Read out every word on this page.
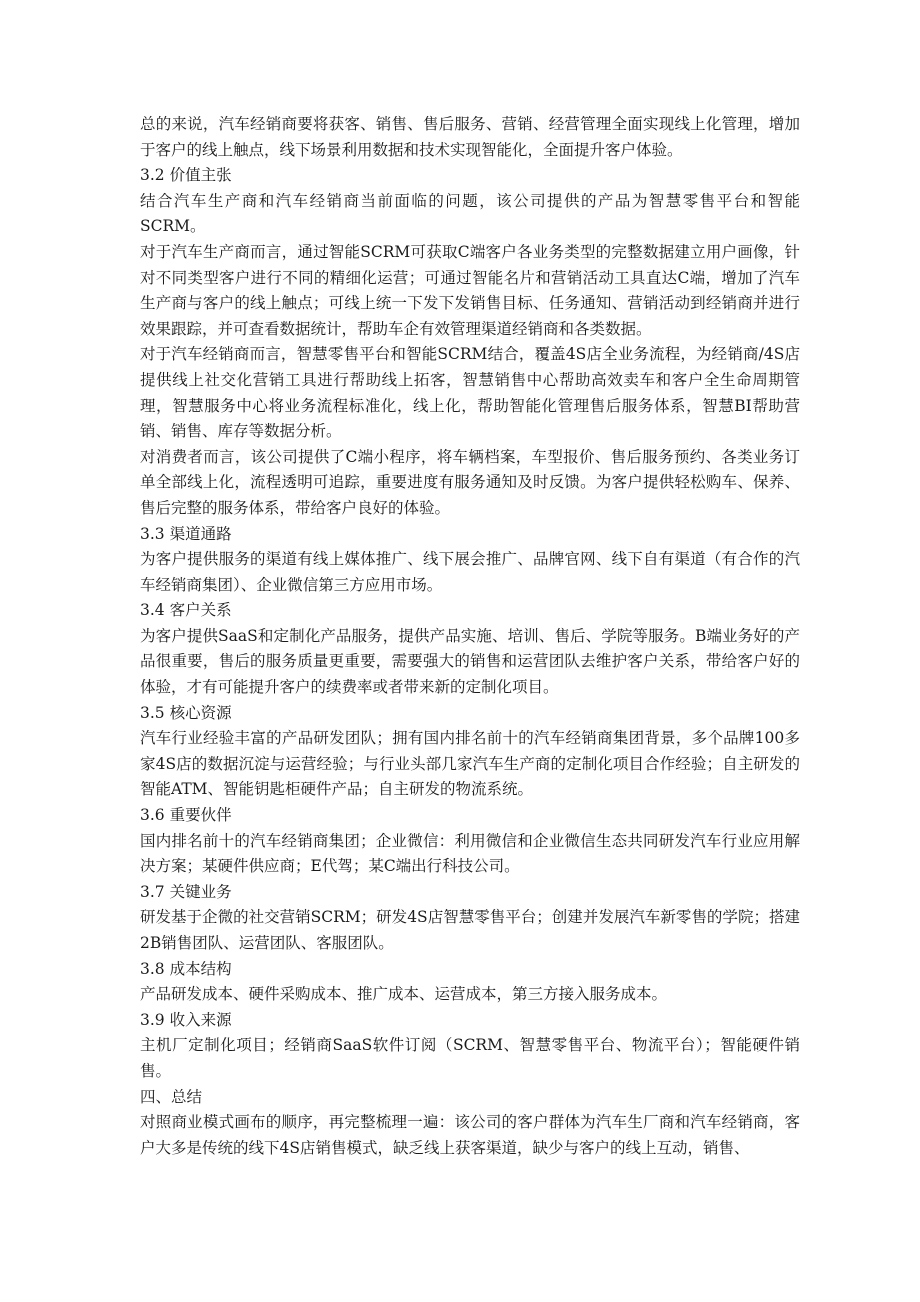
总的来说，汽车经销商要将获客、销售、售后服务、营销、经营管理全面实现线上化管理，增加于客户的线上触点，线下场景利用数据和技术实现智能化，全面提升客户体验。

3.2 价值主张

结合汽车生产商和汽车经销商当前面临的问题，该公司提供的产品为智慧零售平台和智能SCRM。

对于汽车生产商而言，通过智能SCRM可获取C端客户各业务类型的完整数据建立用户画像，针对不同类型客户进行不同的精细化运营；可通过智能名片和营销活动工具直达C端，增加了汽车生产商与客户的线上触点；可线上统一下发下发销售目标、任务通知、营销活动到经销商并进行效果跟踪，并可查看数据统计，帮助车企有效管理渠道经销商和各类数据。

对于汽车经销商而言，智慧零售平台和智能SCRM结合，覆盖4S店全业务流程，为经销商/4S店提供线上社交化营销工具进行帮助线上拓客，智慧销售中心帮助高效卖车和客户全生命周期管理，智慧服务中心将业务流程标准化，线上化，帮助智能化管理售后服务体系，智慧BI帮助营销、销售、库存等数据分析。

对消费者而言，该公司提供了C端小程序，将车辆档案，车型报价、售后服务预约、各类业务订单全部线上化，流程透明可追踪，重要进度有服务通知及时反馈。为客户提供轻松购车、保养、售后完整的服务体系，带给客户良好的体验。

3.3 渠道通路

为客户提供服务的渠道有线上媒体推广、线下展会推广、品牌官网、线下自有渠道（有合作的汽车经销商集团）、企业微信第三方应用市场。

3.4 客户关系

为客户提供SaaS和定制化产品服务，提供产品实施、培训、售后、学院等服务。B端业务好的产品很重要，售后的服务质量更重要，需要强大的销售和运营团队去维护客户关系，带给客户好的体验，才有可能提升客户的续费率或者带来新的定制化项目。

3.5 核心资源

汽车行业经验丰富的产品研发团队；拥有国内排名前十的汽车经销商集团背景，多个品牌100多家4S店的数据沉淀与运营经验；与行业头部几家汽车生产商的定制化项目合作经验；自主研发的智能ATM、智能钥匙柜硬件产品；自主研发的物流系统。

3.6 重要伙伴

国内排名前十的汽车经销商集团；企业微信：利用微信和企业微信生态共同研发汽车行业应用解决方案；某硬件供应商；E代驾；某C端出行科技公司。

3.7 关键业务

研发基于企微的社交营销SCRM；研发4S店智慧零售平台；创建并发展汽车新零售的学院；搭建2B销售团队、运营团队、客服团队。

3.8 成本结构

产品研发成本、硬件采购成本、推广成本、运营成本，第三方接入服务成本。

3.9 收入来源

主机厂定制化项目；经销商SaaS软件订阅（SCRM、智慧零售平台、物流平台）；智能硬件销售。

四、总结

对照商业模式画布的顺序，再完整梳理一遍：该公司的客户群体为汽车生厂商和汽车经销商，客户大多是传统的线下4S店销售模式，缺乏线上获客渠道，缺少与客户的线上互动，销售、
